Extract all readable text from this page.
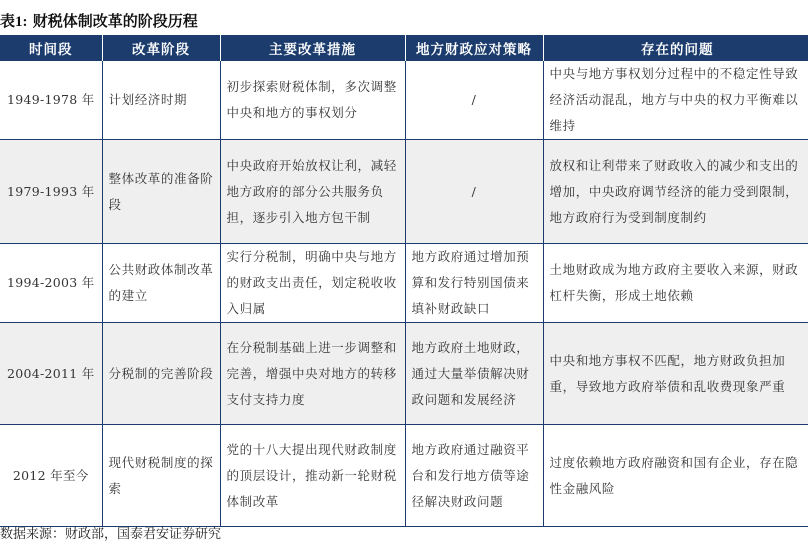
表1: 财税体制改革的阶段历程
时间段	改革阶段	主要改革措施	地方财政应对策略	存在的问题

1949-1978 年	计划经济时期	初步探索财税体制，多次调整中央和地方的事权划分	/	中央与地方事权划分过程中的不稳定性导致经济活动混乱，地方与中央的权力平衡难以维持

1979-1993 年	整体改革的准备阶段	中央政府开始放权让利，减轻地方政府的部分公共服务负担，逐步引入地方包干制	/	放权和让利带来了财政收入的减少和支出的增加，中央政府调节经济的能力受到限制，地方政府行为受到制度制约

1994-2003 年	公共财政体制改革的建立	实行分税制，明确中央与地方的财政支出责任，划定税收收入归属	地方政府通过增加预算和发行特别国债来填补财政缺口	土地财政成为地方政府主要收入来源，财政杠杆失衡，形成土地依赖

2004-2011 年	分税制的完善阶段	在分税制基础上进一步调整和完善，增强中央对地方的转移支付支持力度	地方政府土地财政，通过大量举债解决财政问题和发展经济	中央和地方事权不匹配，地方财政负担加重，导致地方政府举债和乱收费现象严重

2012 年至今	现代财税制度的探索	党的十八大提出现代财政制度的顶层设计，推动新一轮财税体制改革	地方政府通过融资平台和发行地方债等途径解决财政问题	过度依赖地方政府融资和国有企业，存在隐性金融风险
数据来源：财政部，国泰君安证券研究
